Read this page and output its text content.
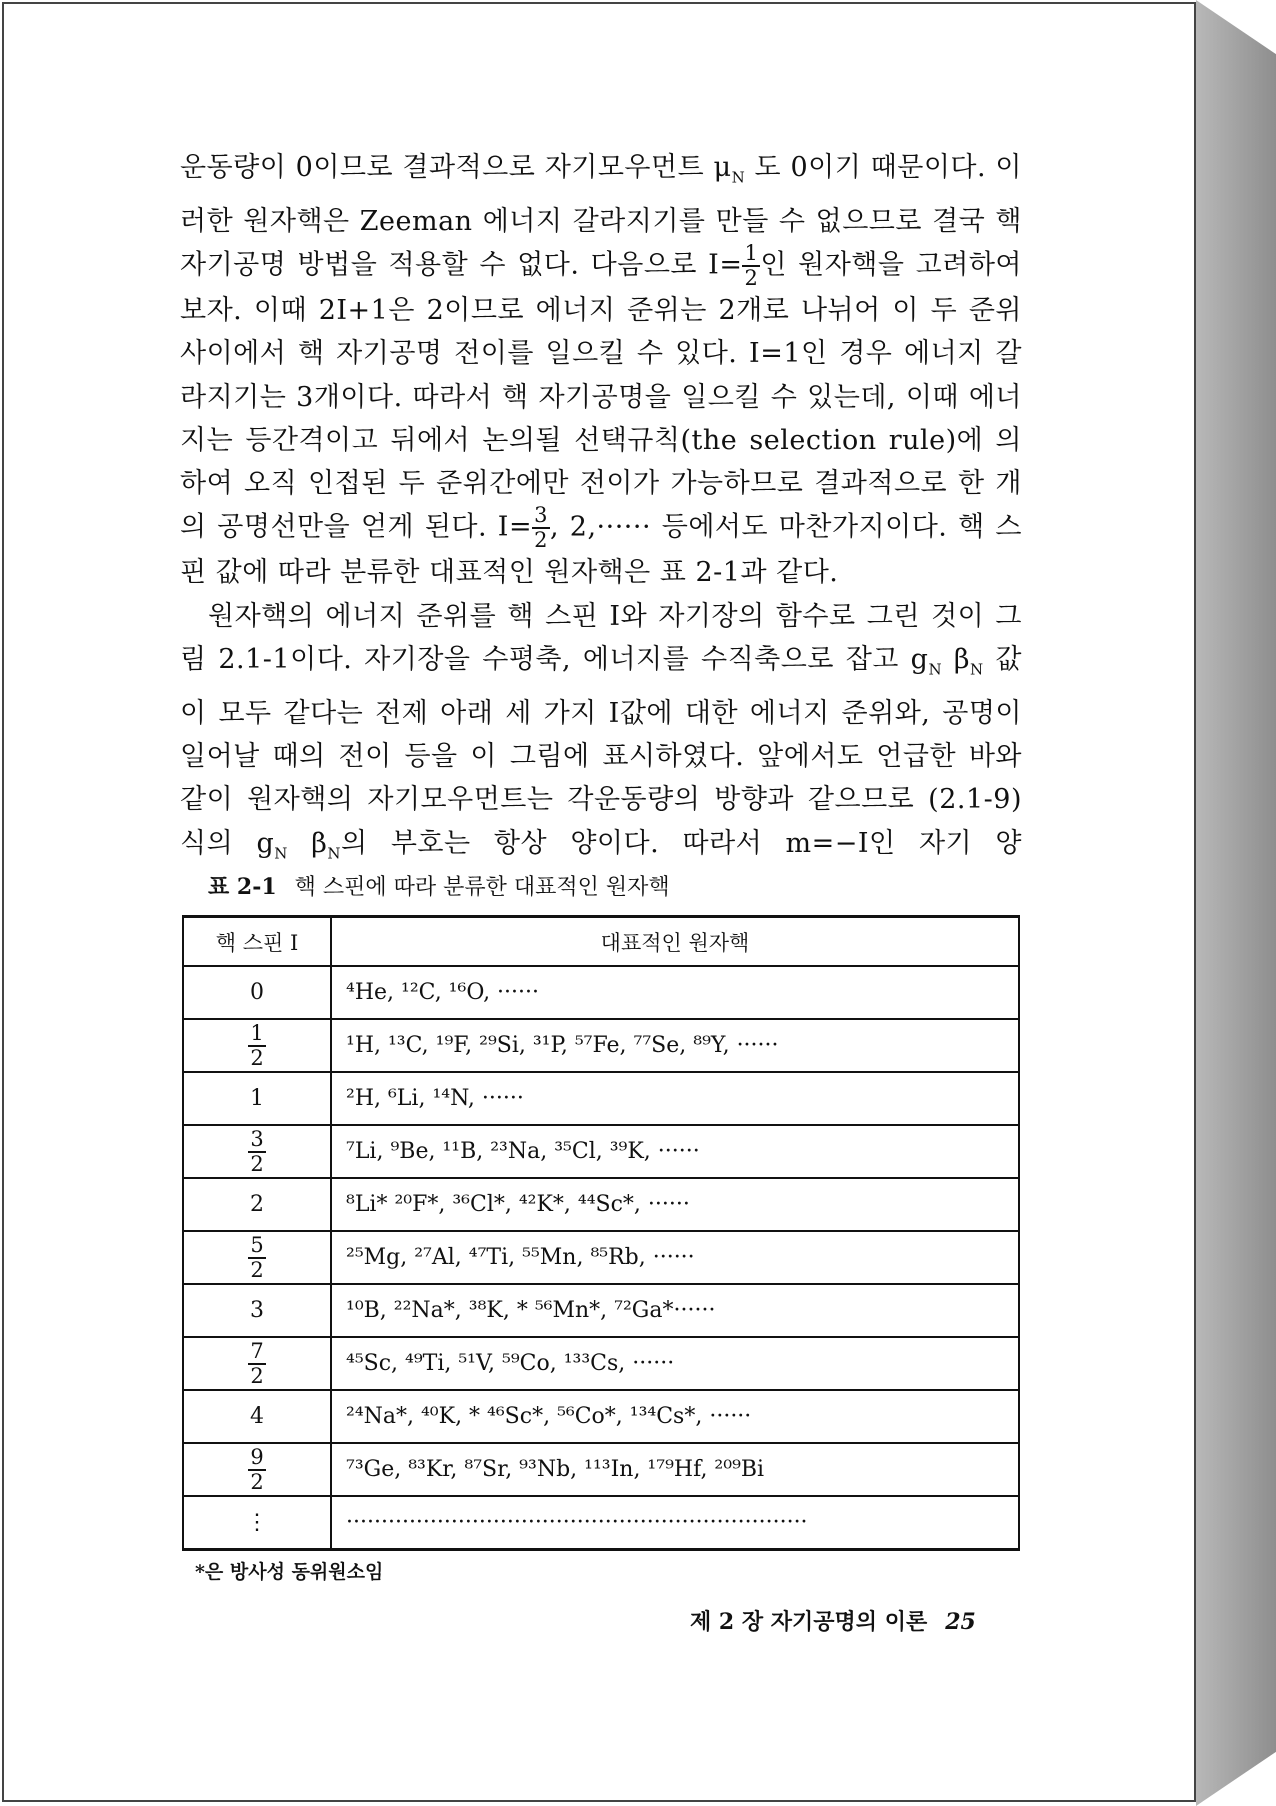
운동량이 0이므로 결과적으로 자기모우먼트 $\mu_N$ 도 0이기 때문이다. 이러한 원자핵은 Zeeman 에너지 갈라지기를 만들 수 없으므로 결국 핵 자기공명 방법을 적용할 수 없다. 다음으로 $I= \frac{1}{2}$ 인 원자핵을 고려하여 보자. 이때 2I+1은 2이므로 에너지 준위는 2개로 나뉘어 이 두 준위 사이에서 핵 자기공명 전이를 일으킬 수 있다. I=1인 경우 에너지 갈라지기는 3개이다. 따라서 핵 자기공명을 일으킬 수 있는데, 이때 에너지는 등간격이고 뒤에서 논의될 선택규칙(the selection rule)에 의하여 오직 인접된 두 준위간에만 전이가 가능하므로 결과적으로 한 개의 공명선만을 얻게 된다. $I= \frac{3}{2}$ , 2,······ 등에서도 마찬가지이다. 핵 스핀 값에 따라 분류한 대표적인 원자핵은 표 2-1과 같다.

원자핵의 에너지 준위를 핵 스핀 I와 자기장의 함수로 그린 것이 그림 2.1-1이다. 자기장을 수평축, 에너지를 수직축으로 잡고 $g_N$ $\beta_N$ 값이 모두 같다는 전제 아래 세 가지 I값에 대한 에너지 준위와, 공명이 일어날 때의 전이 등을 이 그림에 표시하였다. 앞에서도 언급한 바와 같이 원자핵의 자기모우먼트는 각운동량의 방향과 같으므로 (2.1-9) 식의 $g_N$ $\beta_N$의 부호는 항상 양이다. 따라서 m=−I인 자기 양

표 2-1 핵 스핀에 따라 분류한 대표적인 원자핵
핵 스핀 I	대표적인 원자핵
0	⁴He, ¹²C, ¹⁶O, ······

$\frac{1}{2}$	¹H, ¹³C, ¹⁹F, ²⁹Si, ³¹P, ⁵⁷Fe, ⁷⁷Se, ⁸⁹Y, ······
1	²H, ⁶Li, ¹⁴N, ······

$\frac{3}{2}$	⁷Li, ⁹Be, ¹¹B, ²³Na, ³⁵Cl, ³⁹K, ······
2	⁸Li* ²⁰F*, ³⁶Cl*, ⁴²K*, ⁴⁴Sc*, ······

$\frac{5}{2}$	²⁵Mg, ²⁷Al, ⁴⁷Ti, ⁵⁵Mn, ⁸⁵Rb, ······
3	¹⁰B, ²²Na*, ³⁸K, * ⁵⁶Mn*, ⁷²Ga*······

$\frac{7}{2}$	⁴⁵Sc, ⁴⁹Ti, ⁵¹V, ⁵⁹Co, ¹³³Cs, ······
4	²⁴Na*, ⁴⁰K, * ⁴⁶Sc*, ⁵⁶Co*, ¹³⁴Cs*, ······

$\frac{9}{2}$	⁷³Ge, ⁸³Kr, ⁸⁷Sr, ⁹³Nb, ¹¹³In, ¹⁷⁹Hf, ²⁰⁹Bi
⋮	··································································
*은 방사성 동위원소임
제 2 장 자기공명의 이론 25
